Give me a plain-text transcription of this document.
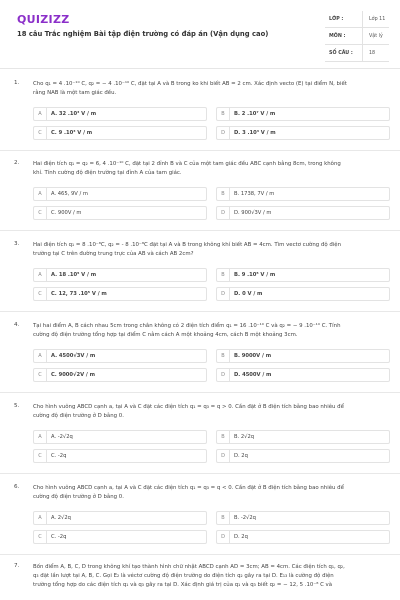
QUIZIZZ
18 câu Trắc nghiệm Bài tập điện trường có đáp án (Vận dụng cao)
LỚP :	Lớp 11
MÔN :	Vật lý
SỐ CÂU :	18
1.	Cho q₁ = 4 .10⁻¹⁰ C, q₂ = − 4 .10⁻¹⁰ C, đặt tại A và B trong ko khi biết AB = 2 cm. Xác định vecto (E) tại điểm N, biết
rằng NAB là một tam giác đều.
A	A. 32 .10³ V / m	B	B. 2 .10⁷ V / m
C	C. 9 .10³ V / m	D	D. 3 .10³ V / m
2.	Hai điện tích q₁ = q₂ = 6, 4 .10⁻¹⁰ C, đặt tại 2 đỉnh B và C của một tam giác đều ABC cạnh bằng 8cm, trong không
khí. Tính cường độ điện trường tại đỉnh A của tam giác.
A	A. 465, 9V / m	B	B. 1738, 7V / m
C	C. 900V / m	D	D. 900√3V / m
3.	Hai điện tích q₁ = 8 .10⁻⁸C, q₂ = - 8 .10⁻⁸C đặt tại A và B trong không khí biết AB = 4cm. Tìm vectơ cường độ điện
trường tại C trên đường trung trực của AB và cách AB 2cm?
A	A. 18 .10⁵ V / m	B	B. 9 .10⁵ V / m
C	C. 12, 73 .10⁵ V / m	D	D. 0 V / m
4.	Tại hai điểm A, B cách nhau 5cm trong chân không có 2 điện tích điểm q₁ = 16 .10⁻¹⁰ C và q₂ = − 9 .10⁻¹⁰ C. Tính
cường độ điện trường tổng hợp tại điểm C nằm cách A một khoảng 4cm, cách B một khoảng 3cm.
A	A. 4500√3V / m	B	B. 9000V / m
C	C. 9000√2V / m	D	D. 4500V / m
5.	Cho hình vuông ABCD cạnh a, tại A và C đặt các điện tích q₁ = q₃ = q > 0. Cần đặt ở B điện tích bằng bao nhiêu để
cường độ điện trường ở D bằng 0.
A	A. -2√2q	B	B. 2√2q
C	C. -2q	D	D. 2q
6.	Cho hình vuông ABCD cạnh a, tại A và C đặt các điện tích q₁ = q₃ = q < 0. Cần đặt ở B điện tích bằng bao nhiêu để
cường độ điện trường ở D bằng 0.
A	A. 2√2q	B	B. -2√2q
C	C. -2q	D	D. 2q
7.	Bốn điểm A, B, C, D trong không khí tạo thành hình chữ nhật ABCD cạnh AD = 3cm; AB = 4cm. Các điện tích q₁, q₂,
q₃ đặt lần lượt tại A, B, C. Gọi E₂ là véctơ cường độ điện trường do điện tích q₂ gây ra tại D. E₁₃ là cường độ điện
trường tổng hợp do các điện tích q₁ và q₃ gây ra tại D. Xác định giá trị của q₁ và q₃ biết q₂ = − 12, 5 .10⁻⁸ C và
